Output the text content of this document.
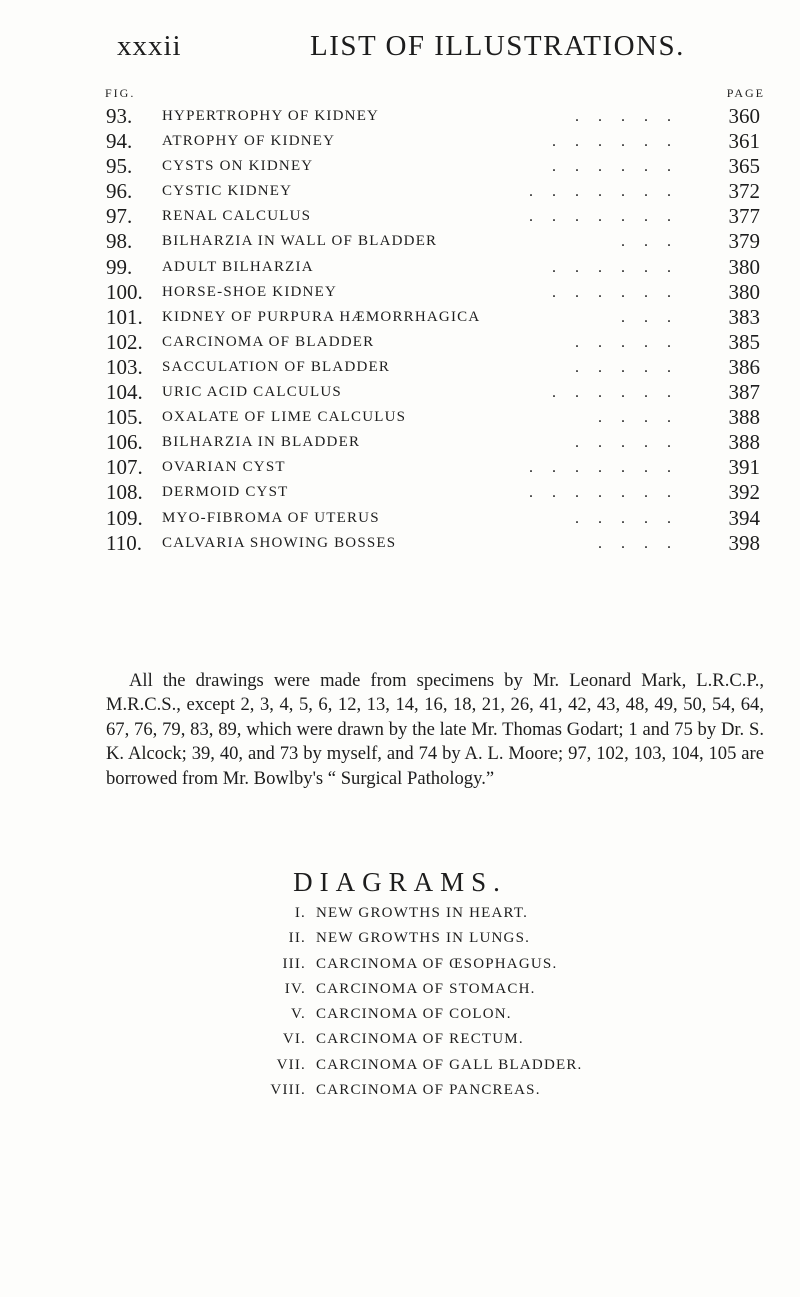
xxxii	LIST OF ILLUSTRATIONS.
FIG.	PAGE
93. HYPERTROPHY OF KIDNEY	360
.....
94. ATROPHY OF KIDNEY	361
......
95. CYSTS ON KIDNEY	365
......
96. CYSTIC KIDNEY	372
.......
97. RENAL CALCULUS	377
.......
98. BILHARZIA IN WALL OF BLADDER	379
...
99. ADULT BILHARZIA	380
......
100. HORSE-SHOE KIDNEY	380
......
101. KIDNEY OF PURPURA HÆMORRHAGICA	383
...
102. CARCINOMA OF BLADDER	385
.....
103. SACCULATION OF BLADDER	386
.....
104. URIC ACID CALCULUS	387
......
105. OXALATE OF LIME CALCULUS	388
....
106. BILHARZIA IN BLADDER	388
.....
107. OVARIAN CYST	391
.......
108. DERMOID CYST	392
.......
109. MYO-FIBROMA OF UTERUS	394
.....
110. CALVARIA SHOWING BOSSES	398
....

All the drawings were made from specimens by Mr. Leonard Mark, L.R.C.P., M.R.C.S., except 2, 3, 4, 5, 6, 12, 13, 14, 16, 18, 21, 26, 41, 42, 43, 48, 49, 50, 54, 64, 67, 76, 79, 83, 89, which were drawn by the late Mr. Thomas Godart; 1 and 75 by Dr. S. K. Alcock; 39, 40, and 73 by myself, and 74 by A. L. Moore; 97, 102, 103, 104, 105 are borrowed from Mr. Bowlby's “ Surgical Pathology.”

DIAGRAMS.
I. NEW GROWTHS IN HEART.
II. NEW GROWTHS IN LUNGS.
III. CARCINOMA OF ŒSOPHAGUS.
IV. CARCINOMA OF STOMACH.
V. CARCINOMA OF COLON.
VI. CARCINOMA OF RECTUM.
VII. CARCINOMA OF GALL BLADDER.
VIII. CARCINOMA OF PANCREAS.
